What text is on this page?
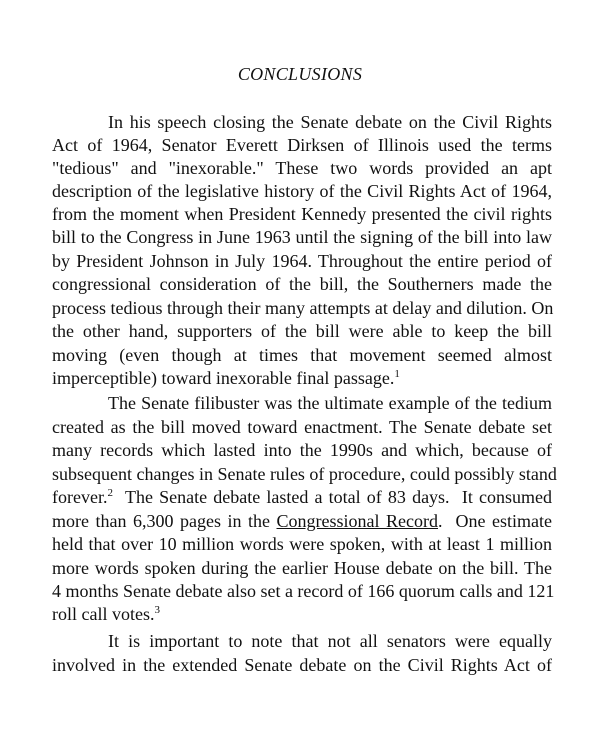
CONCLUSIONS
In his speech closing the Senate debate on the Civil Rights
Act of 1964, Senator Everett Dirksen of Illinois used the terms
"tedious" and "inexorable." These two words provided an apt
description of the legislative history of the Civil Rights Act of 1964,
from the moment when President Kennedy presented the civil rights
bill to the Congress in June 1963 until the signing of the bill into law
by President Johnson in July 1964. Throughout the entire period of
congressional consideration of the bill, the Southerners made the
process tedious through their many attempts at delay and dilution. On
the other hand, supporters of the bill were able to keep the bill
moving (even though at times that movement seemed almost
imperceptible) toward inexorable final passage.$^1$
The Senate filibuster was the ultimate example of the tedium
created as the bill moved toward enactment. The Senate debate set
many records which lasted into the 1990s and which, because of
subsequent changes in Senate rules of procedure, could possibly stand
forever.$^2$  The Senate debate lasted a total of 83 days.  It consumed
more than 6,300 pages in the Congressional Record.  One estimate
held that over 10 million words were spoken, with at least 1 million
more words spoken during the earlier House debate on the bill. The
4 months Senate debate also set a record of 166 quorum calls and 121
roll call votes.$^3$
It is important to note that not all senators were equally
involved in the extended Senate debate on the Civil Rights Act of
